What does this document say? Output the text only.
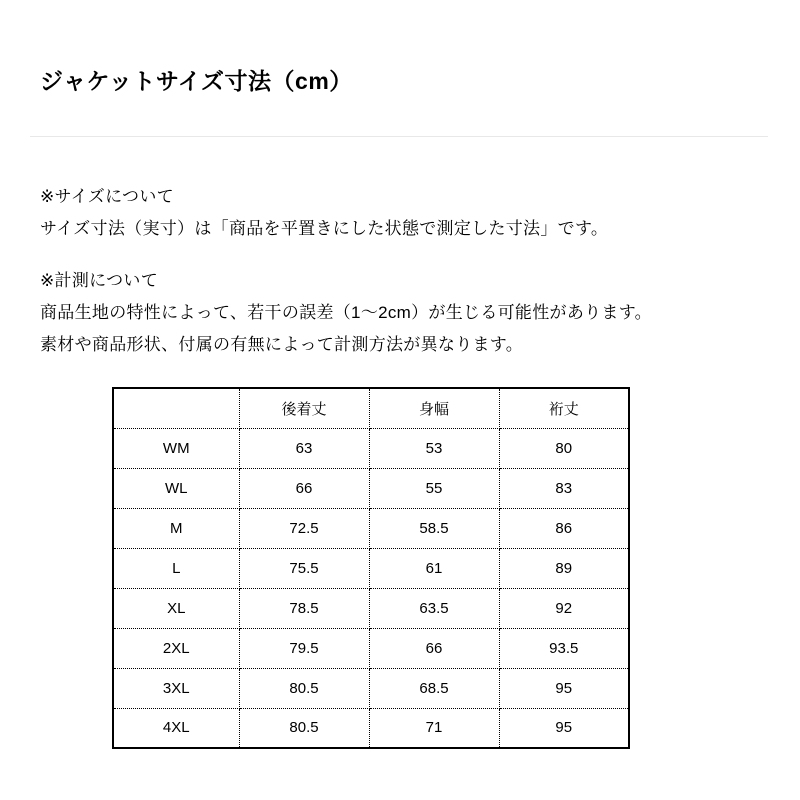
ジャケットサイズ寸法（cm）

※サイズについて

サイズ寸法（実寸）は「商品を平置きにした状態で測定した寸法」です。

※計測について

商品生地の特性によって、若干の誤差（1〜2cm）が生じる可能性があります。

素材や商品形状、付属の有無によって計測方法が異なります。

	後着丈	身幅	裄丈
WM	63	53	80
WL	66	55	83
M	72.5	58.5	86
L	75.5	61	89
XL	78.5	63.5	92
2XL	79.5	66	93.5
3XL	80.5	68.5	95
4XL	80.5	71	95
